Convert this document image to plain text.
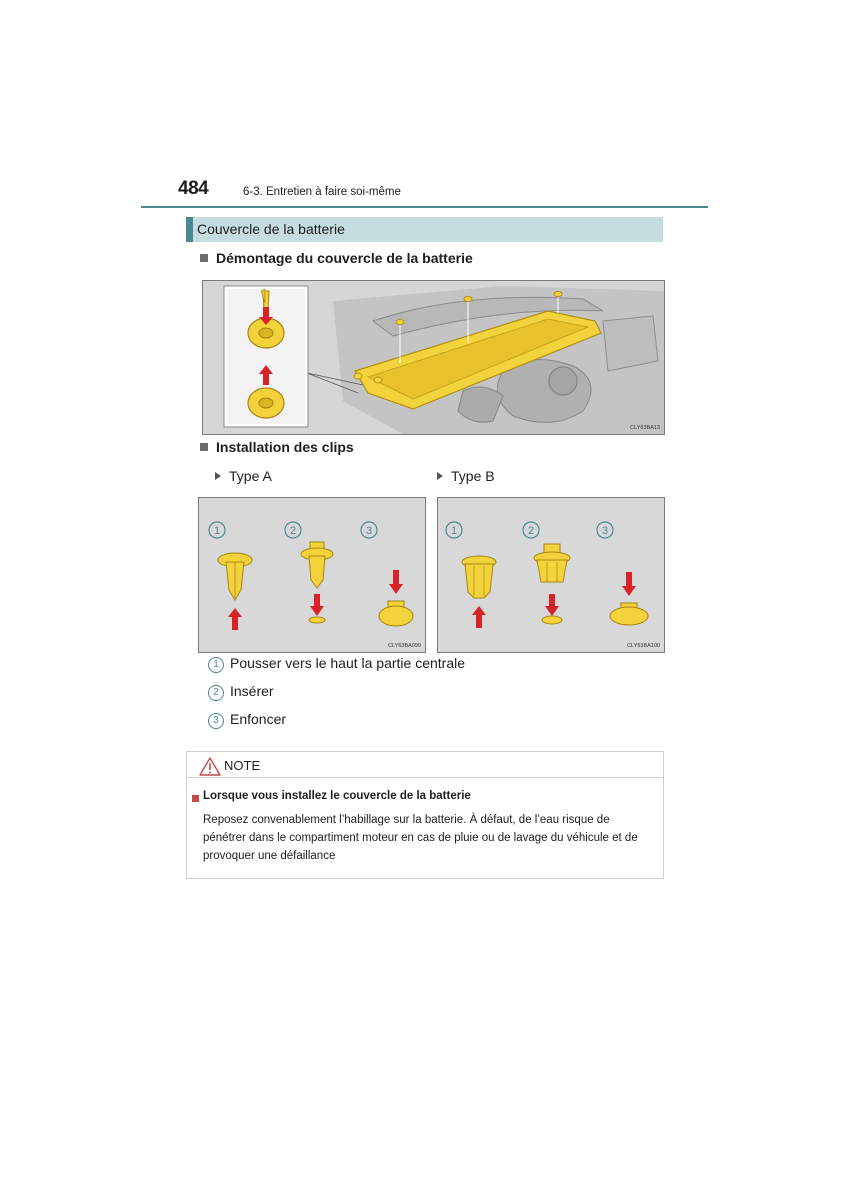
484	6-3. Entretien à faire soi-même
Couvercle de la batterie
Démontage du couvercle de la batterie
CLY63BA13
Installation des clips
Type A	Type B
1	2	3
CLY63BA099
1	2	3
CLY63BA100
1 Pousser vers le haut la partie centrale
2 Insérer
3 Enfoncer
NOTE
Lorsque vous installez le couvercle de la batterie
Reposez convenablement l’habillage sur la batterie. À défaut, de l’eau risque de pénétrer dans le compartiment moteur en cas de pluie ou de lavage du véhicule et de provoquer une défaillance
